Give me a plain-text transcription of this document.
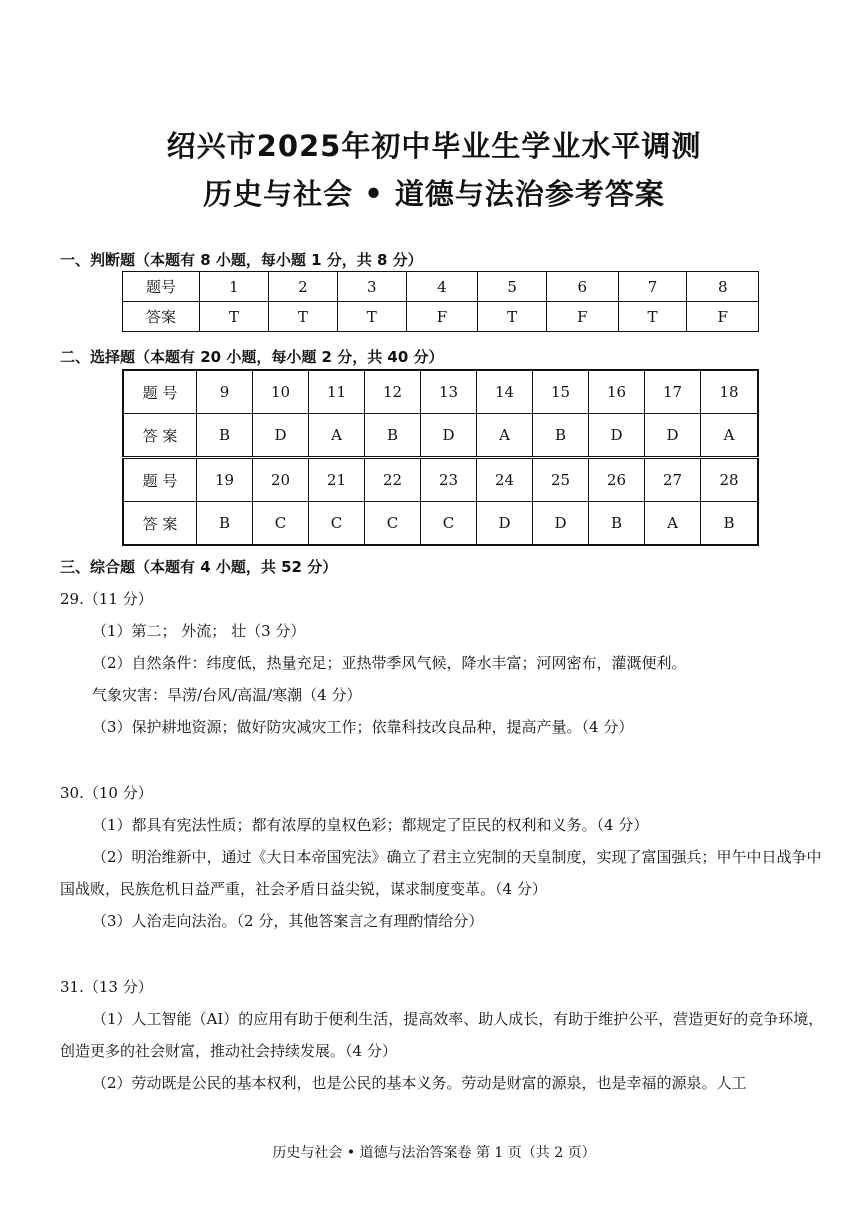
绍兴市2025年初中毕业生学业水平调测
历史与社会 • 道德与法治参考答案
一、判断题（本题有 8 小题，每小题 1 分，共 8 分）
题号	1	2	3	4	5	6	7	8
答案	T	T	T	F	T	F	T	F
二、选择题（本题有 20 小题，每小题 2 分，共 40 分）
题 号	9	10	11	12	13	14	15	16	17	18
答 案	B	D	A	B	D	A	B	D	D	A
题 号	19	20	21	22	23	24	25	26	27	28
答 案	B	C	C	C	C	D	D	B	A	B
三、综合题（本题有 4 小题，共 52 分）
29.（11 分）
（1）第二； 外流； 壮（3 分）
（2）自然条件：纬度低，热量充足；亚热带季风气候，降水丰富；河网密布，灌溉便利。
气象灾害：旱涝/台风/高温/寒潮（4 分）
（3）保护耕地资源；做好防灾减灾工作；依靠科技改良品种，提高产量。（4 分）
30.（10 分）
（1）都具有宪法性质；都有浓厚的皇权色彩；都规定了臣民的权利和义务。（4 分）
（2）明治维新中，通过《大日本帝国宪法》确立了君主立宪制的天皇制度，实现了富国强兵；甲午中日战争中国战败，民族危机日益严重，社会矛盾日益尖锐，谋求制度变革。（4 分）
（3）人治走向法治。（2 分，其他答案言之有理酌情给分）
31.（13 分）
（1）人工智能（AI）的应用有助于便利生活，提高效率、助人成长，有助于维护公平，营造更好的竞争环境，创造更多的社会财富，推动社会持续发展。（4 分）
（2）劳动既是公民的基本权利，也是公民的基本义务。劳动是财富的源泉，也是幸福的源泉。人工
历史与社会 • 道德与法治答案卷 第 1 页（共 2 页）
